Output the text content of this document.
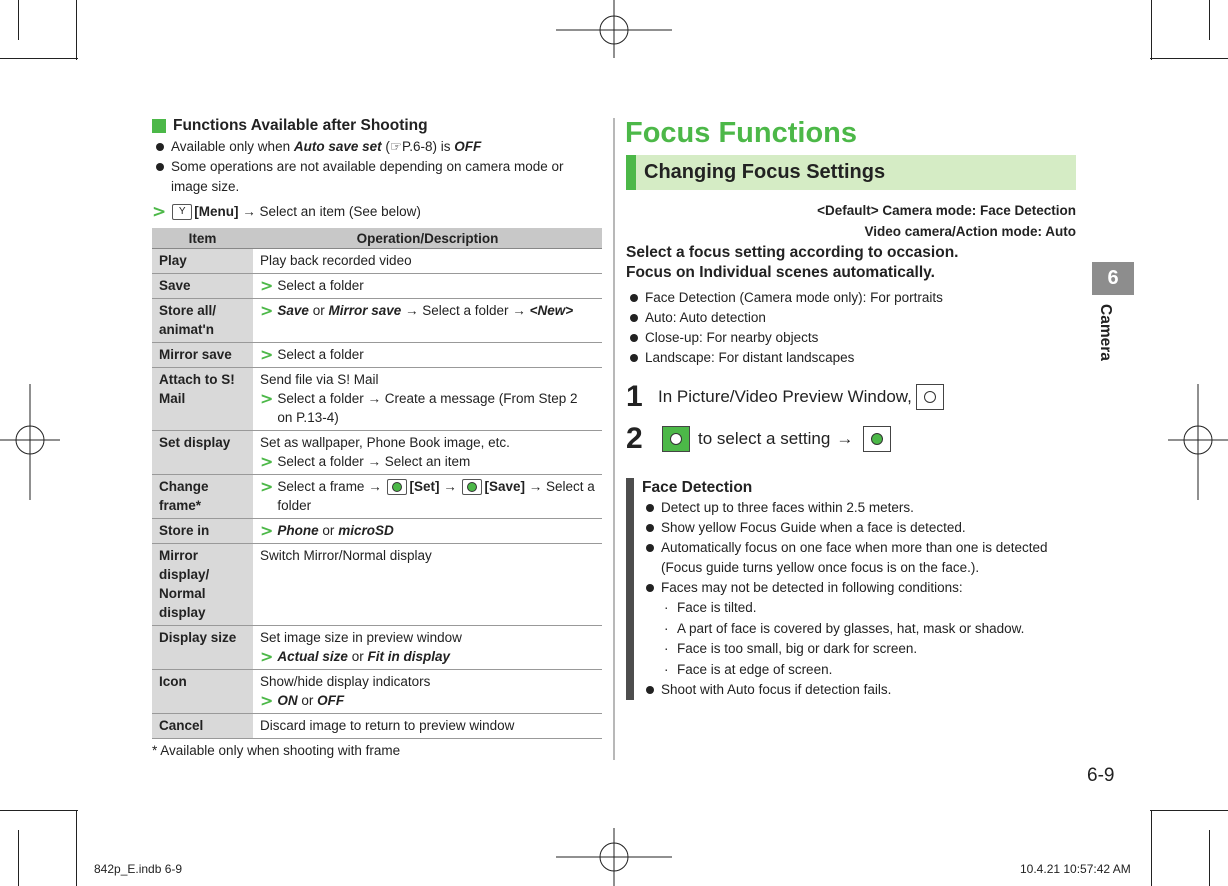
Functions Available after Shooting
Available only when Auto save set (☞P.6-8) is OFF
Some operations are not available depending on camera mode or image size.
>	Y [Menu]
→
Select an item (See below)
Item	Operation/Description
Play	Play back recorded video
Save	> Select a folder

Store all/ animat'n	> Save or Mirror save → Select a folder → <New>

Mirror save	> Select a folder

Attach to S! Mail	Send file via S! Mail
> Select a folder → Create a message (From Step 2 on P.13-4)

Set display	Set as wallpaper, Phone Book image, etc.
> Select a folder → Select an item

Change frame*	> Select a frame → [Set] → [Save] → Select a folder

Store in	> Phone or microSD

Mirror display/ Normal display	Switch Mirror/Normal display
Display size	Set image size in preview window
> Actual size or Fit in display

Icon	Show/hide display indicators
> ON or OFF

Cancel	Discard image to return to preview window
* Available only when shooting with frame
Focus Functions
Changing Focus Settings
<Default> Camera mode: Face Detection
Video camera/Action mode: Auto
Select a focus setting according to occasion.
Focus on Individual scenes automatically.
Face Detection (Camera mode only): For portraits
Auto: Auto detection
Close-up: For nearby objects
Landscape: For distant landscapes
1 In Picture/Video Preview Window,
2	to select a setting →
Face Detection
Detect up to three faces within 2.5 meters.
Show yellow Focus Guide when a face is detected.
Automatically focus on one face when more than one is detected (Focus guide turns yellow once focus is on the face.).
Faces may not be detected in following conditions:
· Face is tilted.
· A part of face is covered by glasses, hat, mask or shadow.
· Face is too small, big or dark for screen.
· Face is at edge of screen.
Shoot with Auto focus if detection fails.
6
Camera
6-9
842p_E.indb 6-9	10.4.21 10:57:42 AM
